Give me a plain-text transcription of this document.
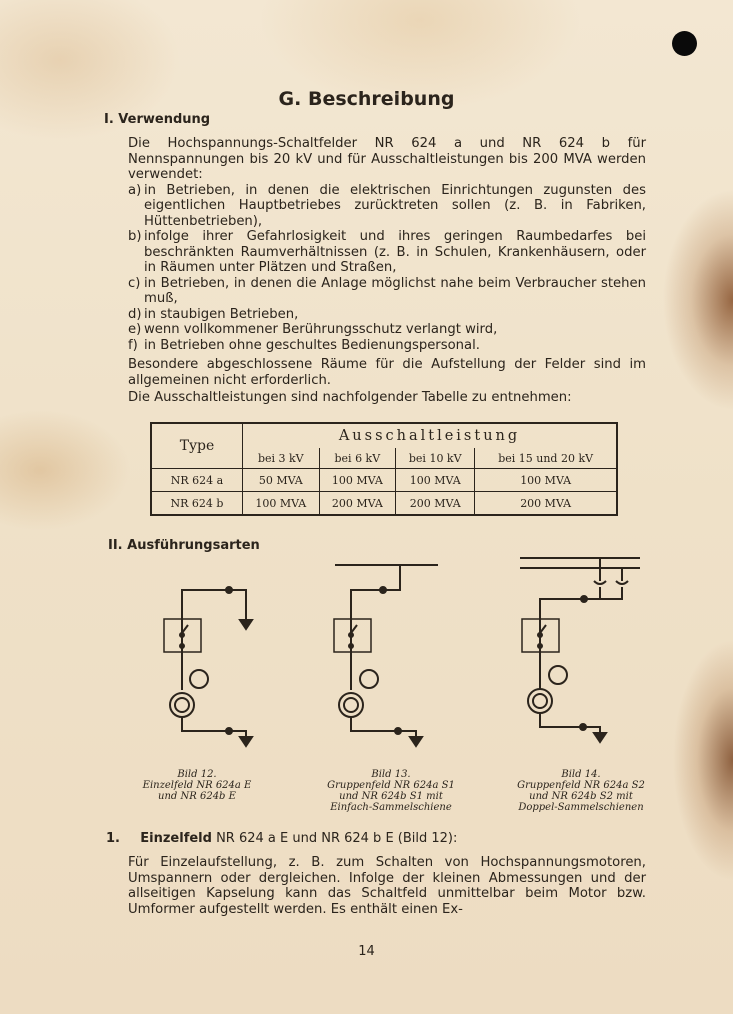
G. Beschreibung
I. Verwendung
Die Hochspannungs-Schaltfelder NR 624 a und NR 624 b für Nennspannungen bis 20 kV und für Ausschaltleistungen bis 200 MVA werden verwendet:
a) in Betrieben, in denen die elektrischen Einrichtungen zugunsten des eigentlichen Hauptbetriebes zurücktreten sollen (z. B. in Fabriken, Hüttenbetrieben),
b) infolge ihrer Gefahrlosigkeit und ihres geringen Raumbedarfes bei beschränkten Raumverhältnissen (z. B. in Schulen, Krankenhäusern, oder in Räumen unter Plätzen und Straßen,
c) in Betrieben, in denen die Anlage möglichst nahe beim Verbraucher stehen muß,
d) in staubigen Betrieben,
e) wenn vollkommener Berührungsschutz verlangt wird,
f) in Betrieben ohne geschultes Bedienungspersonal.
Besondere abgeschlossene Räume für die Aufstellung der Felder sind im allgemeinen nicht erforderlich.
Die Ausschaltleistungen sind nachfolgender Tabelle zu entnehmen:
Type	Ausschaltleistung			
	bei 3 kV	bei 6 kV	bei 10 kV	bei 15 und 20 kV
NR 624 a	50 MVA	100 MVA	100 MVA	100 MVA
NR 624 b	100 MVA	200 MVA	200 MVA	200 MVA
II. Ausführungsarten
Bild 12.
Einzelfeld NR 624a E
und NR 624b E
Bild 13.
Gruppenfeld NR 624a S1
und NR 624b S1 mit
Einfach-Sammelschiene
Bild 14.
Gruppenfeld NR 624a S2
und NR 624b S2 mit
Doppel-Sammelschienen
1. Einzelfeld NR 624 a E und NR 624 b E (Bild 12):
Für Einzelaufstellung, z. B. zum Schalten von Hochspannungsmotoren, Umspannern oder dergleichen. Infolge der kleinen Abmessungen und der allseitigen Kapselung kann das Schaltfeld unmittelbar beim Motor bzw. Umformer aufgestellt werden. Es enthält einen Ex-
14
